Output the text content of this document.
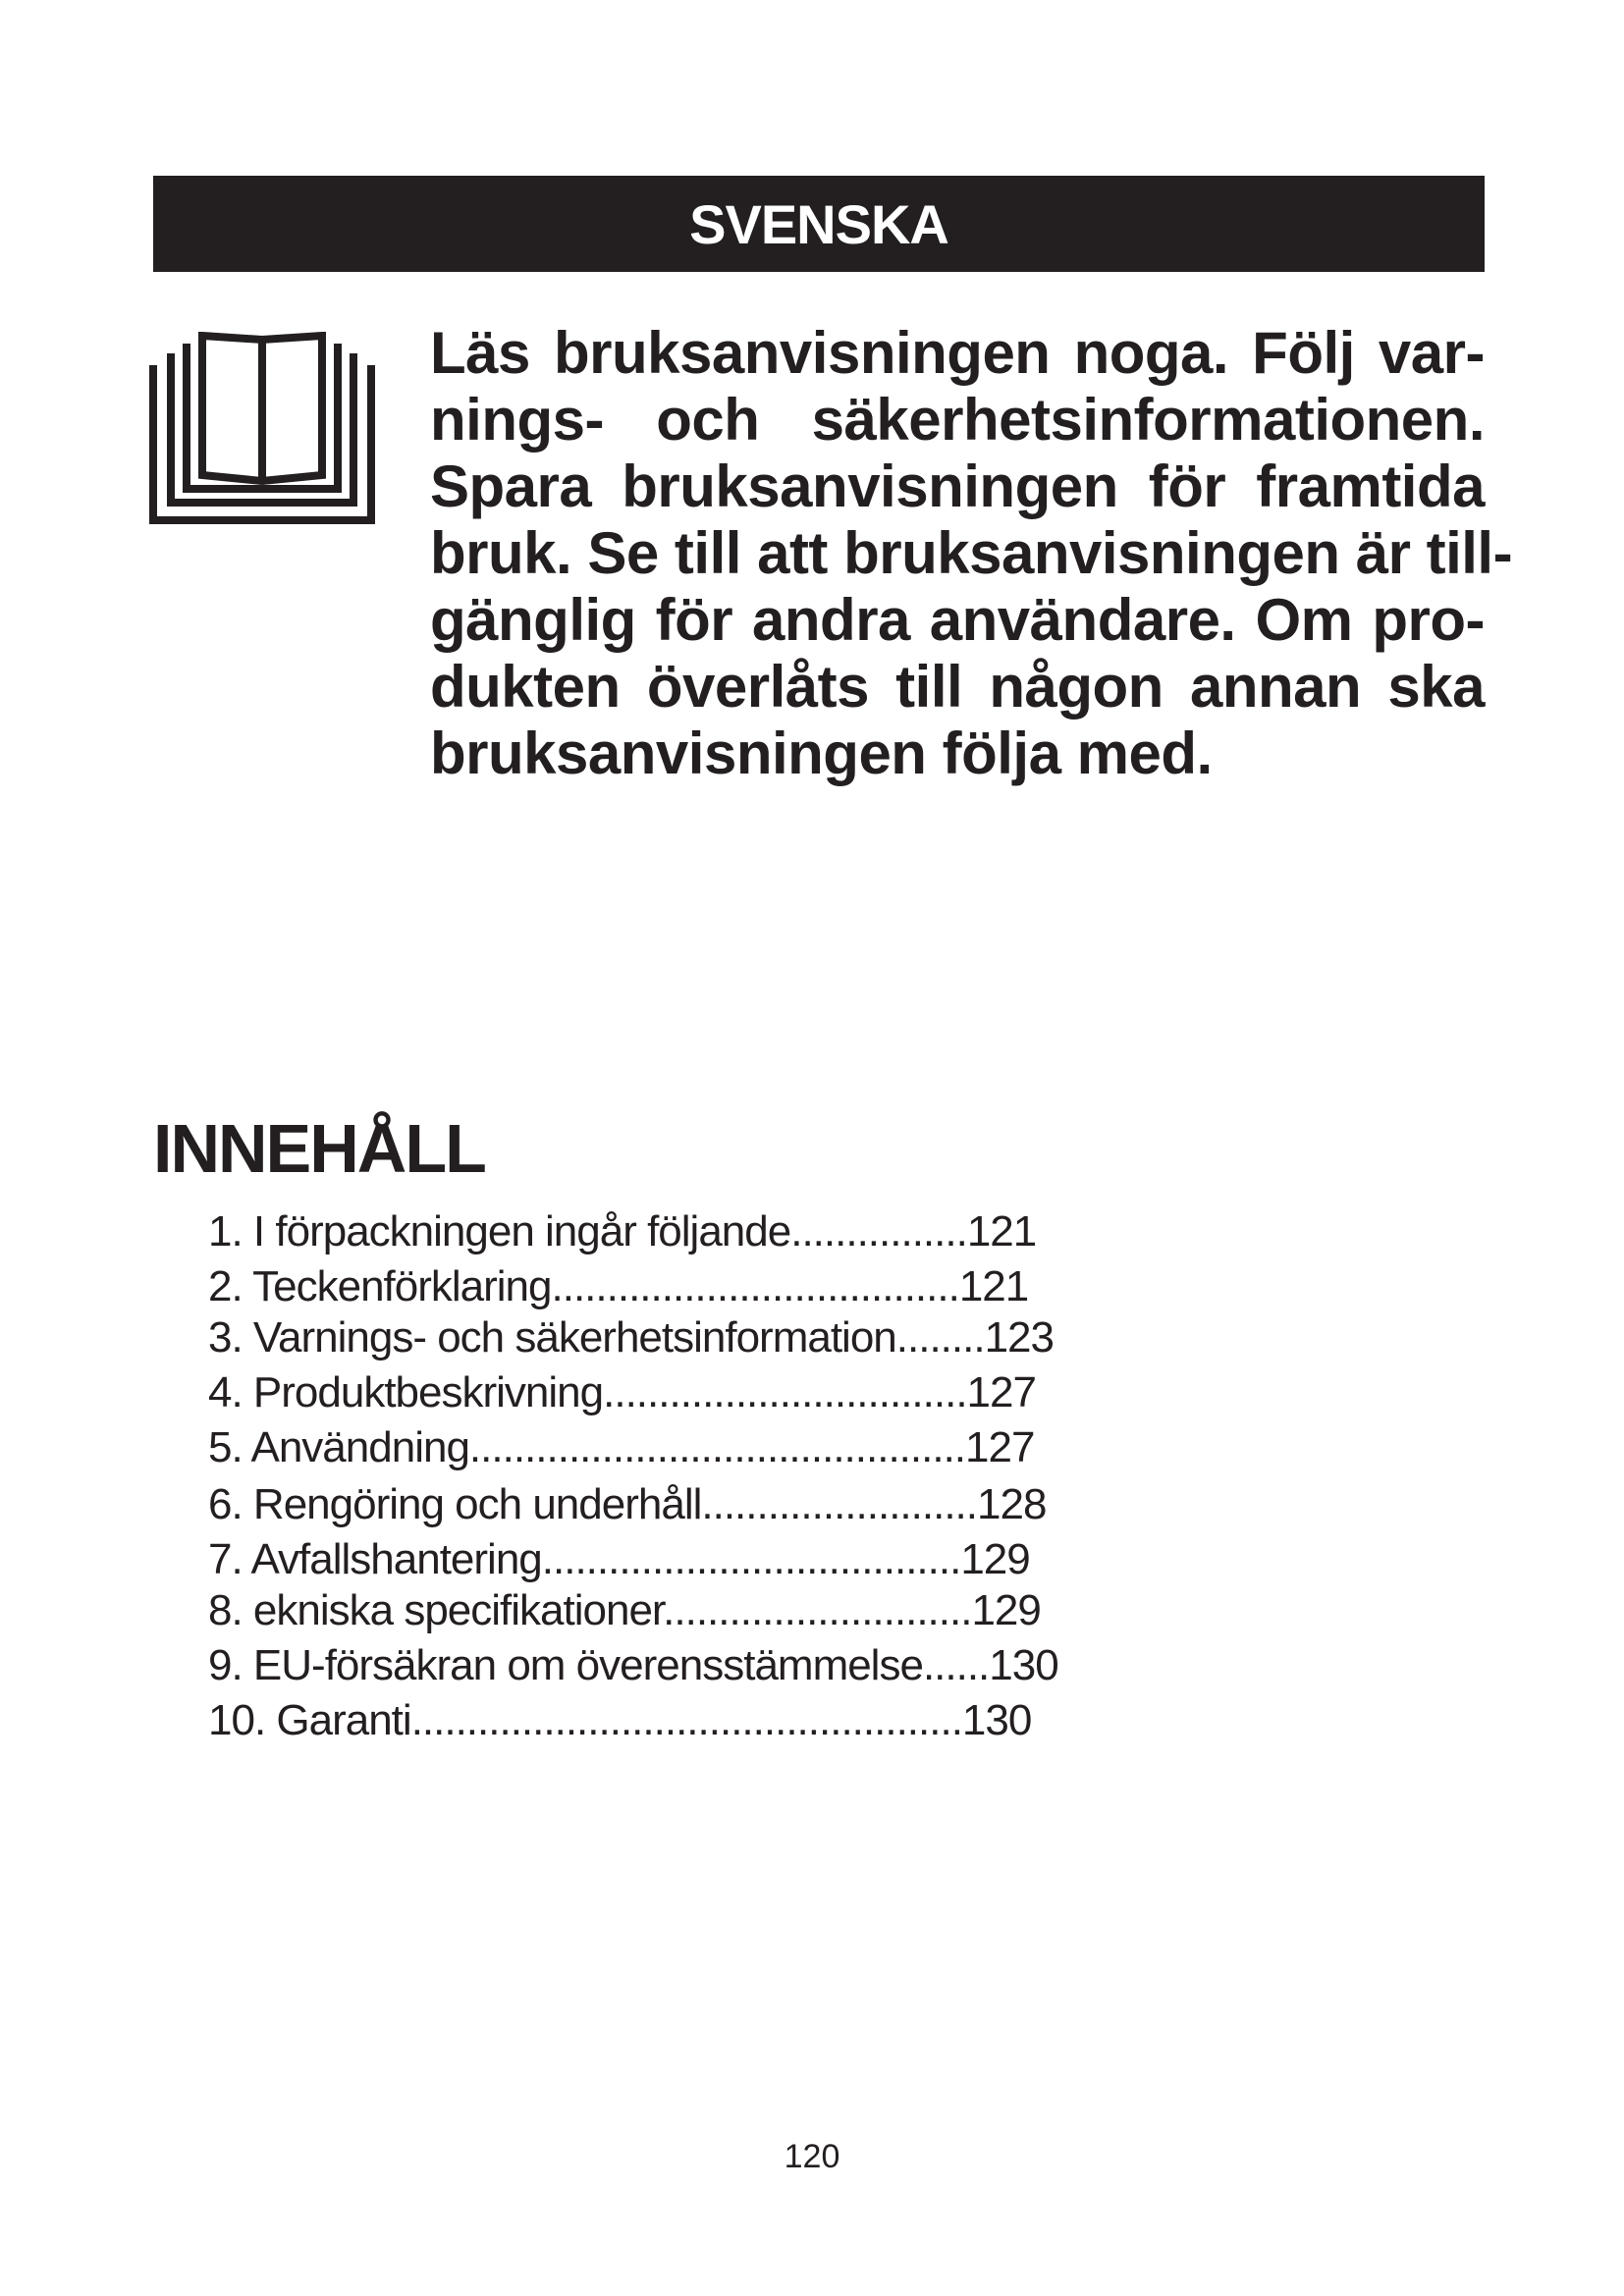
SVENSKA
Läs bruksanvisningen noga. Följ var-
nings- och säkerhetsinformationen.
Spara bruksanvisningen för framtida
bruk. Se till att bruksanvisningen är till-
gänglig för andra användare. Om pro-
dukten överlåts till någon annan ska
bruksanvisningen följa med.
INNEHÅLL
1. I förpackningen ingår följande................121
2. Teckenförklaring.....................................121
3. Varnings- och säkerhetsinformation........123
4. Produktbeskrivning.................................127
5. Användning.............................................127
6. Rengöring och underhåll.........................128
7. Avfallshantering......................................129
8. ekniska specifikationer............................129
9. EU-försäkran om överensstämmelse......130
10. Garanti..................................................130
120
